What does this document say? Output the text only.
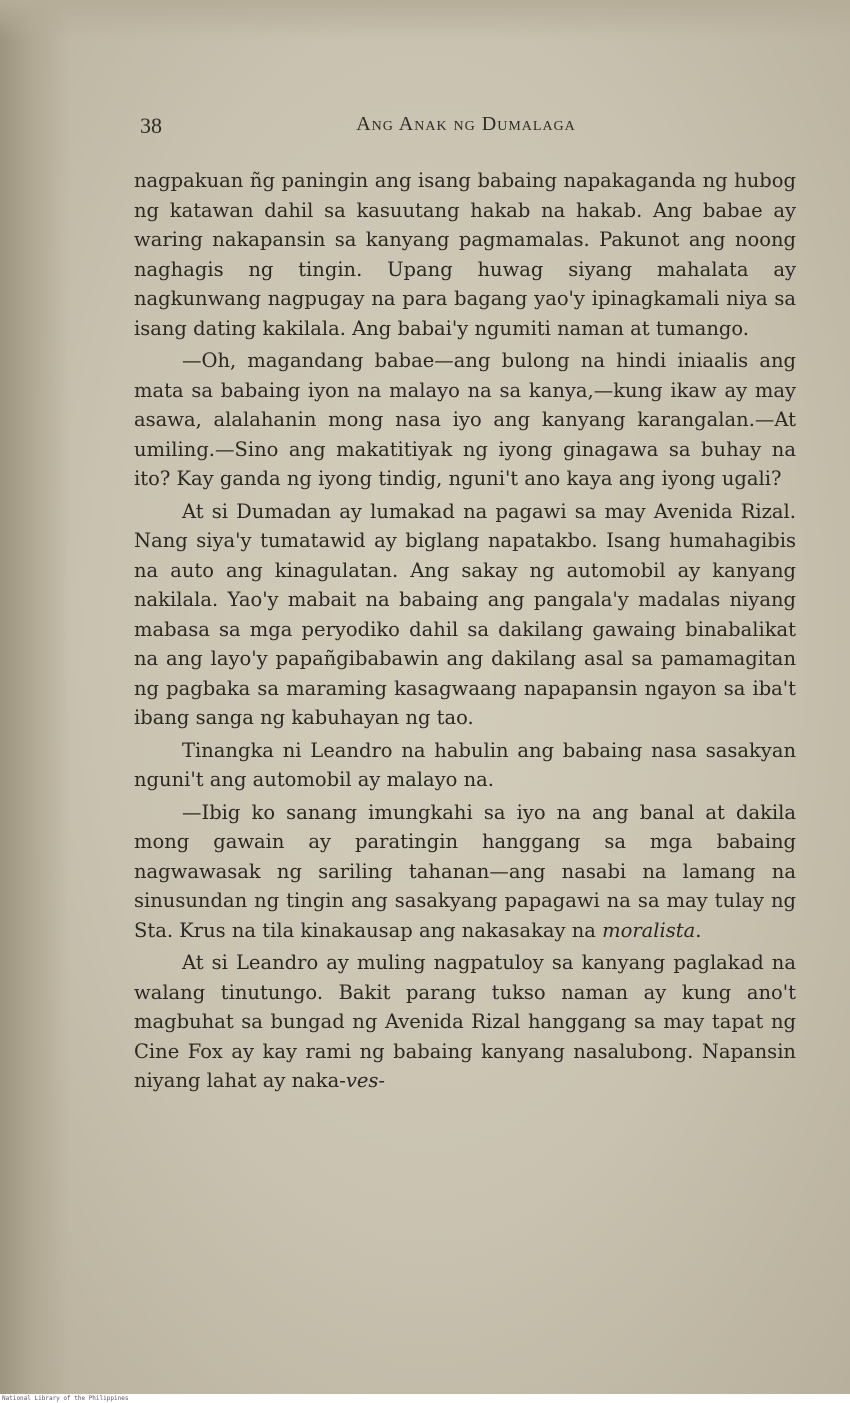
38	Ang Anak ng Dumalaga

nagpakuan ñg paningin ang isang babaing napakaganda ng hubog ng katawan dahil sa kasuutang hakab na hakab. Ang babae ay waring nakapansin sa kanyang pagmamalas. Pakunot ang noong naghagis ng tingin. Upang huwag siyang mahalata ay nagkunwang nagpugay na para bagang yao'y ipinagkamali niya sa isang dating kakilala. Ang babai'y ngumiti naman at tumango.

—Oh, magandang babae—ang bulong na hindi iniaalis ang mata sa babaing iyon na malayo na sa kanya,—kung ikaw ay may asawa, alalahanin mong nasa iyo ang kanyang karangalan.—At umiling.—Sino ang makatitiyak ng iyong ginagawa sa buhay na ito? Kay ganda ng iyong tindig, nguni't ano kaya ang iyong ugali?

At si Dumadan ay lumakad na pagawi sa may Avenida Rizal. Nang siya'y tumatawid ay biglang napatakbo. Isang humahagibis na auto ang kinagulatan. Ang sakay ng automobil ay kanyang nakilala. Yao'y mabait na babaing ang pangala'y madalas niyang mabasa sa mga peryodiko dahil sa dakilang gawaing binabalikat na ang layo'y papañgibabawin ang dakilang asal sa pamamagitan ng pagbaka sa maraming kasagwaang napapansin ngayon sa iba't ibang sanga ng kabuhayan ng tao.

Tinangka ni Leandro na habulin ang babaing nasa sasakyan nguni't ang automobil ay malayo na.

—Ibig ko sanang imungkahi sa iyo na ang banal at dakila mong gawain ay paratingin hanggang sa mga babaing nagwawasak ng sariling tahanan—ang nasabi na lamang na sinusundan ng tingin ang sasakyang papagawi na sa may tulay ng Sta. Krus na tila kinakausap ang nakasakay na moralista.

At si Leandro ay muling nagpatuloy sa kanyang paglakad na walang tinutungo. Bakit parang tukso naman ay kung ano't magbuhat sa bungad ng Avenida Rizal hanggang sa may tapat ng Cine Fox ay kay rami ng babaing kanyang nasalubong. Napansin niyang lahat ay naka-ves-

National Library of the Philippines
